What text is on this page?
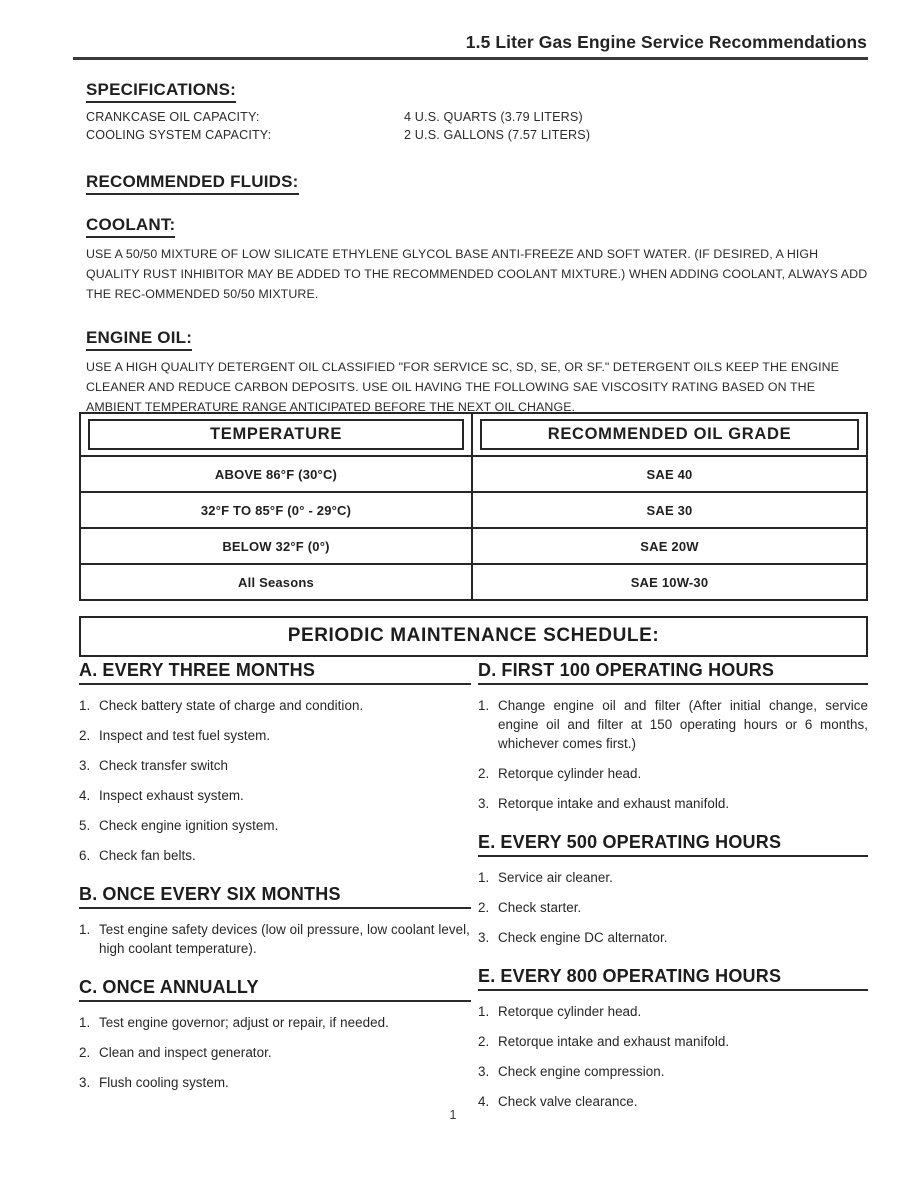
1.5 Liter Gas Engine Service Recommendations
SPECIFICATIONS:
CRANKCASE OIL CAPACITY:	4 U.S. QUARTS (3.79 LITERS)
COOLING SYSTEM CAPACITY:	2 U.S. GALLONS (7.57 LITERS)
RECOMMENDED FLUIDS:
COOLANT:
USE A 50/50 MIXTURE OF LOW SILICATE ETHYLENE GLYCOL BASE ANTI-FREEZE AND SOFT WATER. (IF DESIRED, A HIGH QUALITY RUST INHIBITOR MAY BE ADDED TO THE RECOMMENDED COOLANT MIXTURE.) WHEN ADDING COOLANT, ALWAYS ADD THE REC-OMMENDED 50/50 MIXTURE.
ENGINE OIL:
USE A HIGH QUALITY DETERGENT OIL CLASSIFIED "FOR SERVICE SC, SD, SE, OR SF." DETERGENT OILS KEEP THE ENGINE CLEANER AND REDUCE CARBON DEPOSITS. USE OIL HAVING THE FOLLOWING SAE VISCOSITY RATING BASED ON THE AMBIENT TEMPERATURE RANGE ANTICIPATED BEFORE THE NEXT OIL CHANGE.
TEMPERATURE	RECOMMENDED OIL GRADE
ABOVE 86°F (30°C)	SAE 40
32°F TO 85°F (0° - 29°C)	SAE 30
BELOW 32°F (0°)	SAE 20W
All Seasons	SAE 10W-30
PERIODIC MAINTENANCE SCHEDULE:
A. EVERY THREE MONTHS
1. Check battery state of charge and condition.
2. Inspect and test fuel system.
3. Check transfer switch
4. Inspect exhaust system.
5. Check engine ignition system.
6. Check fan belts.
B. ONCE EVERY SIX MONTHS
1. Test engine safety devices (low oil pressure, low coolant level, high coolant temperature).
C. ONCE ANNUALLY
1. Test engine governor; adjust or repair, if needed.
2. Clean and inspect generator.
3. Flush cooling system.
D. FIRST 100 OPERATING HOURS
1. Change engine oil and filter (After initial change, service engine oil and filter at 150 operating hours or 6 months, whichever comes first.)
2. Retorque cylinder head.
3. Retorque intake and exhaust manifold.
E. EVERY 500 OPERATING HOURS
1. Service air cleaner.
2. Check starter.
3. Check engine DC alternator.
E. EVERY 800 OPERATING HOURS
1. Retorque cylinder head.
2. Retorque intake and exhaust manifold.
3. Check engine compression.
4. Check valve clearance.
1
